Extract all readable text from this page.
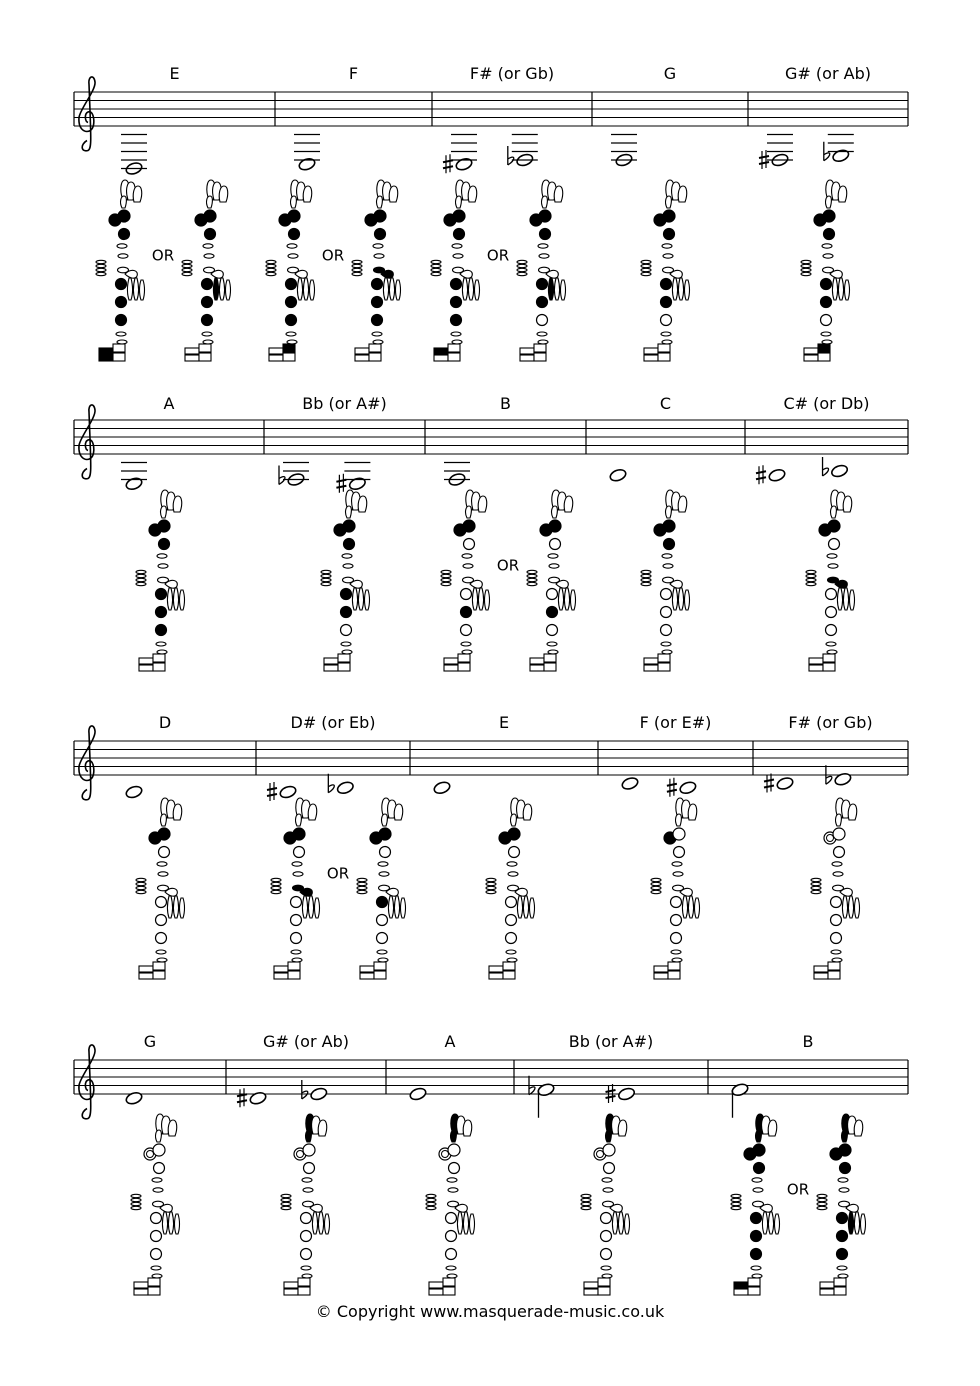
E	F	F# (or Gb)	G	G# (or Ab)
A	Bb (or A#)	B	C	C# (or Db)
D	D# (or Eb)	E	F (or E#)	F# (or Gb)
G	G# (or Ab)	A	Bb (or A#)	B
OR	OR	OR
OR
OR
OR
© Copyright www.masquerade-music.co.uk
